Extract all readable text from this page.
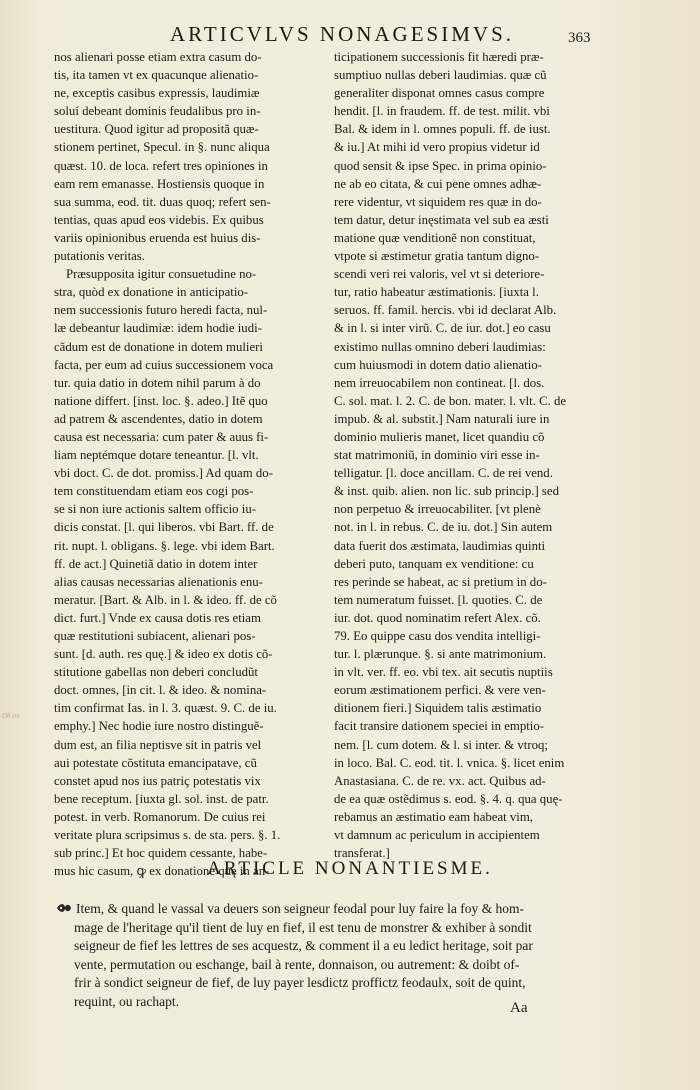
ARTICVLVS NONAGESIMVS.	363
Ob tre
nos alienari posse etiam extra casum do-
tis, ita tamen vt ex quacunque alienatio-
ne, exceptis casibus expressis, laudimiæ
soluí debeant dominis feudalibus pro in-
uestitura. Quod igitur ad propositã quæ-
stionem pertinet, Specul. in §. nunc aliqua
quæst. 10. de loca. refert tres opiniones in
eam rem emanasse. Hostiensis quoque in
sua summa, eod. tit. duas quoq; refert sen-
tentias, quas apud eos videbis. Ex quibus
variis opinionibus eruenda est huius dis-
putationis veritas.
Præsupposita igitur consuetudine no-
stra, quòd ex donatione in anticipatio-
nem successionis futuro heredi facta, nul-
læ debeantur laudimiæ: idem hodie iudi-
cãdum est de donatione in dotem mulieri
facta, per eum ad cuius successionem voca
tur. quia datio in dotem nihil parum à do
natione differt. [inst. loc. §. adeo.] Itẽ quo
ad patrem & ascendentes, datio in dotem
causa est necessaria: cum pater & auus fi-
liam neptémque dotare teneantur. [l. vlt.
vbi doct. C. de dot. promiss.] Ad quam do-
tem constituendam etiam eos cogi pos-
se si non iure actionis saltem officio iu-
dicis constat. [l. qui liberos. vbi Bart. ff. de
rit. nupt. l. obligans. §. lege. vbi idem Bart.
ff. de act.] Quinetiã datio in dotem inter
alias causas necessarias alienationis enu-
meratur. [Bart. & Alb. in l. & ideo. ff. de cõ
dict. furt.] Vnde ex causa dotis res etiam
quæ restitutioni subiacent, alienari pos-
sunt. [d. auth. res quę.] & ideo ex dotis cõ-
stitutione gabellas non deberi concludũt
doct. omnes, [in cit. l. & ideo. & nomina-
tim confirmat Ias. in l. 3. quæst. 9. C. de iu.
emphy.] Nec hodie iure nostro distinguẽ-
dum est, an filia neptisve sit in patris vel
aui potestate cõstituta emancipatave, cũ
constet apud nos ius patriç potestatis vix
bene receptum. [iuxta gl. sol. inst. de patr.
potest. in verb. Romanorum. De cuius rei
veritate plura scripsimus s. de sta. pers. §. 1.
sub princ.] Et hoc quidem cessante, habe-
mus hic casum, ꝙ ex donatione quę in an-
ticipationem successionis fit hæredi præ-
sumptiuo nullas deberi laudimias. quæ cũ
generaliter disponat omnes casus compre
hendit. [l. in fraudem. ff. de test. milit. vbi
Bal. & idem in l. omnes populi. ff. de iust.
& iu.] At mihi id vero propius videtur id
quod sensit & ipse Spec. in prima opinio-
ne ab eo citata, & cui pene omnes adhæ-
rere videntur, vt siquidem res quæ in do-
tem datur, detur inęstimata vel sub ea æsti
matione quæ venditionẽ non constituat,
vtpote si æstimetur gratia tantum digno-
scendi veri rei valoris, vel vt si deteriore-
tur, ratio habeatur æstimationis. [iuxta l.
seruos. ff. famil. hercis. vbi id declarat Alb.
& in l. si inter virũ. C. de iur. dot.] eo casu
existimo nullas omnino deberi laudimias:
cum huiusmodi in dotem datio alienatio-
nem irreuocabilem non contineat. [l. dos.
C. sol. mat. l. 2. C. de bon. mater. l. vlt. C. de
impub. & al. substit.] Nam naturali iure in
dominio mulieris manet, licet quandiu cõ
stat matrimoniũ, in dominio viri esse in-
telligatur. [l. doce ancillam. C. de rei vend.
& inst. quib. alien. non lic. sub princip.] sed
non perpetuo & irreuocabiliter. [vt plenè
not. in l. in rebus. C. de iu. dot.] Sin autem
data fuerit dos æstimata, laudimias quinti
deberi puto, tanquam ex venditione: cu
res perinde se habeat, ac si pretium in do-
tem numeratum fuisset. [l. quoties. C. de
iur. dot. quod nominatim refert Alex. cõ.
79. Eo quippe casu dos vendita intelligi-
tur. l. plærunque. §. si ante matrimonium.
in vlt. ver. ff. eo. vbi tex. ait secutis nuptiis
eorum æstimationem perfici. & vere ven-
ditionem fieri.] Siquidem talis æstimatio
facit transire dationem speciei in emptio-
nem. [l. cum dotem. & l. si inter. & vtroq;
in loco. Bal. C. eod. tit. l. vnica. §. licet enim
Anastasiana. C. de re. vx. act. Quibus ad-
de ea quæ ostẽdimus s. eod. §. 4. q. qua quę-
rebamus an æstimatio eam habeat vim,
vt damnum ac periculum in accipientem
transferat.]
ARTICLE NONANTIESME.
Item, & quand le vassal va deuers son seigneur feodal pour luy faire la foy & hom-
mage de l'heritage qu'il tient de luy en fief, il est tenu de monstrer & exhiber à sondit
seigneur de fief les lettres de ses acquestz, & comment il a eu ledict heritage, soit par
vente, permutation ou eschange, bail à rente, donnaison, ou autrement: & doibt of-
frir à sondict seigneur de fief, de luy payer lesdictz proffictz feodaulx, soit de quint,
requint, ou rachapt.	Aa
